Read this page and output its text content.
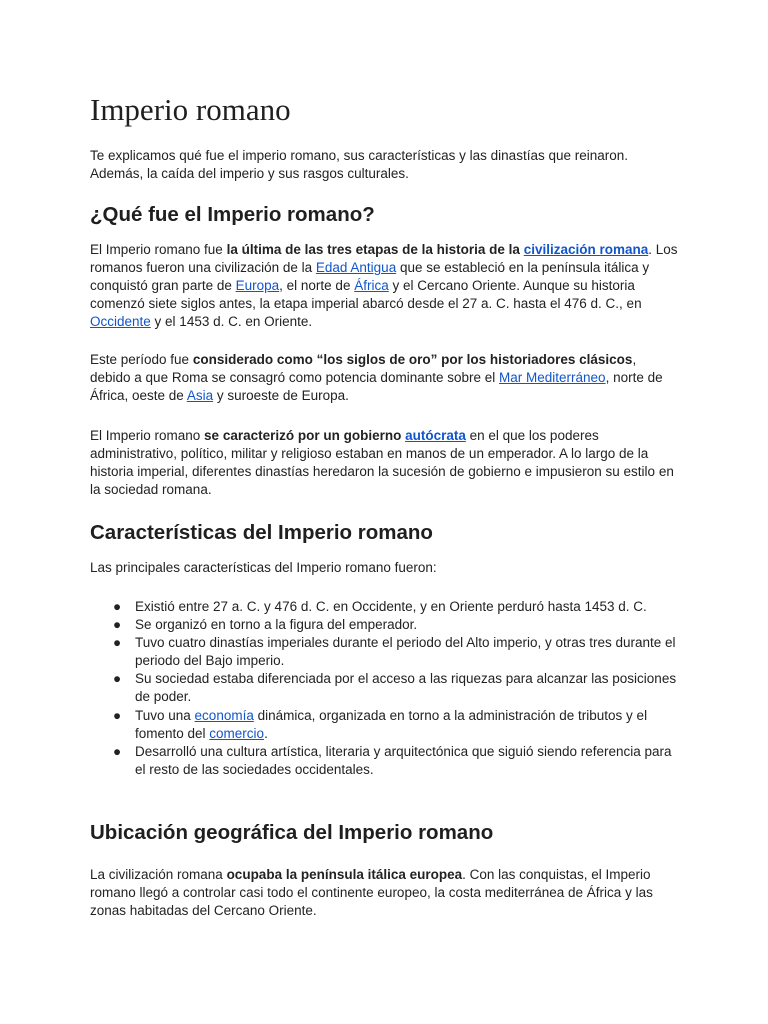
Imperio romano

Te explicamos qué fue el imperio romano, sus características y las dinastías que reinaron. Además, la caída del imperio y sus rasgos culturales.

¿Qué fue el Imperio romano?

El Imperio romano fue la última de las tres etapas de la historia de la civilización romana. Los romanos fueron una civilización de la Edad Antigua que se estableció en la península itálica y conquistó gran parte de Europa, el norte de África y el Cercano Oriente. Aunque su historia comenzó siete siglos antes, la etapa imperial abarcó desde el 27 a. C. hasta el 476 d. C., en Occidente y el 1453 d. C. en Oriente.

Este período fue considerado como “los siglos de oro” por los historiadores clásicos, debido a que Roma se consagró como potencia dominante sobre el Mar Mediterráneo, norte de África, oeste de Asia y suroeste de Europa.

El Imperio romano se caracterizó por un gobierno autócrata en el que los poderes administrativo, político, militar y religioso estaban en manos de un emperador. A lo largo de la historia imperial, diferentes dinastías heredaron la sucesión de gobierno e impusieron su estilo en la sociedad romana.

Características del Imperio romano

Las principales características del Imperio romano fueron:

● Existió entre 27 a. C. y 476 d. C. en Occidente, y en Oriente perduró hasta 1453 d. C.
● Se organizó en torno a la figura del emperador.
● Tuvo cuatro dinastías imperiales durante el periodo del Alto imperio, y otras tres durante el periodo del Bajo imperio.
● Su sociedad estaba diferenciada por el acceso a las riquezas para alcanzar las posiciones de poder.
● Tuvo una economía dinámica, organizada en torno a la administración de tributos y el fomento del comercio.
● Desarrolló una cultura artística, literaria y arquitectónica que siguió siendo referencia para el resto de las sociedades occidentales.
Ubicación geográfica del Imperio romano

La civilización romana ocupaba la península itálica europea. Con las conquistas, el Imperio romano llegó a controlar casi todo el continente europeo, la costa mediterránea de África y las zonas habitadas del Cercano Oriente.
